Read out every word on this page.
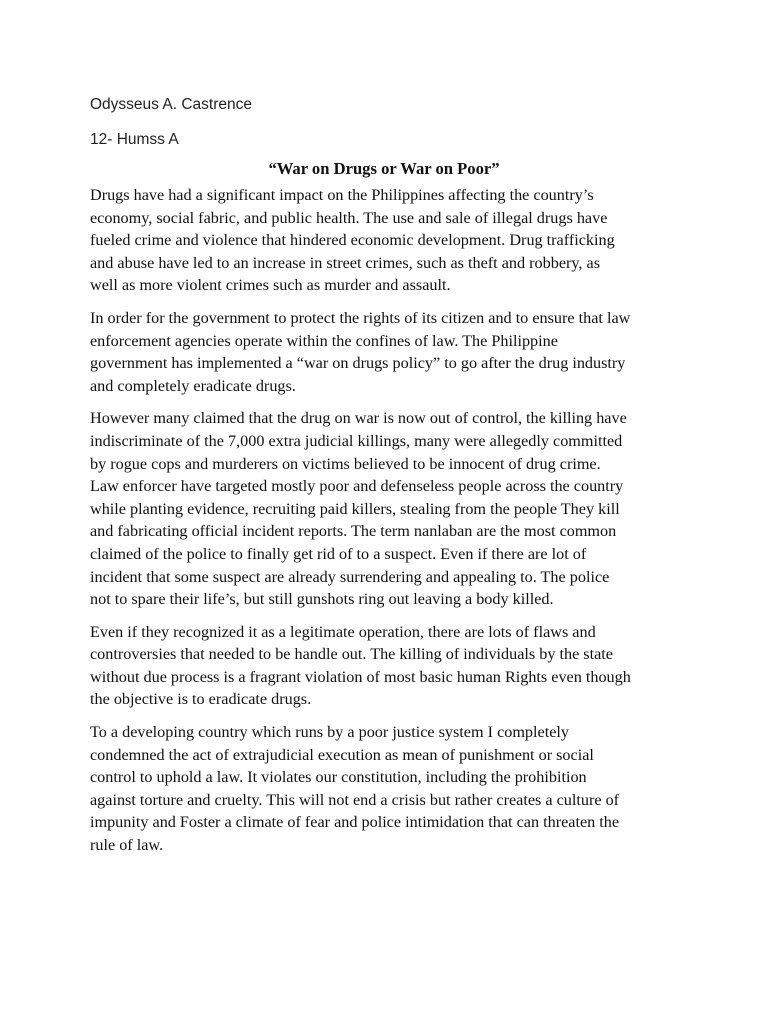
Odysseus A. Castrence

12- Humss A

“War on Drugs or War on Poor”

Drugs have had a significant impact on the Philippines affecting the country’s
economy, social fabric, and public health. The use and sale of illegal drugs have
fueled crime and violence that hindered economic development. Drug trafficking
and abuse have led to an increase in street crimes, such as theft and robbery, as
well as more violent crimes such as murder and assault.

In order for the government to protect the rights of its citizen and to ensure that law
enforcement agencies operate within the confines of law. The Philippine
government has implemented a “war on drugs policy” to go after the drug industry
and completely eradicate drugs.

However many claimed that the drug on war is now out of control, the killing have
indiscriminate of the 7,000 extra judicial killings, many were allegedly committed
by rogue cops and murderers on victims believed to be innocent of drug crime.
Law enforcer have targeted mostly poor and defenseless people across the country
while planting evidence, recruiting paid killers, stealing from the people They kill
and fabricating official incident reports. The term nanlaban are the most common
claimed of the police to finally get rid of to a suspect. Even if there are lot of
incident that some suspect are already surrendering and appealing to. The police
not to spare their life’s, but still gunshots ring out leaving a body killed.

Even if they recognized it as a legitimate operation, there are lots of flaws and
controversies that needed to be handle out. The killing of individuals by the state
without due process is a fragrant violation of most basic human Rights even though
the objective is to eradicate drugs.

To a developing country which runs by a poor justice system I completely
condemned the act of extrajudicial execution as mean of punishment or social
control to uphold a law. It violates our constitution, including the prohibition
against torture and cruelty. This will not end a crisis but rather creates a culture of
impunity and Foster a climate of fear and police intimidation that can threaten the
rule of law.
